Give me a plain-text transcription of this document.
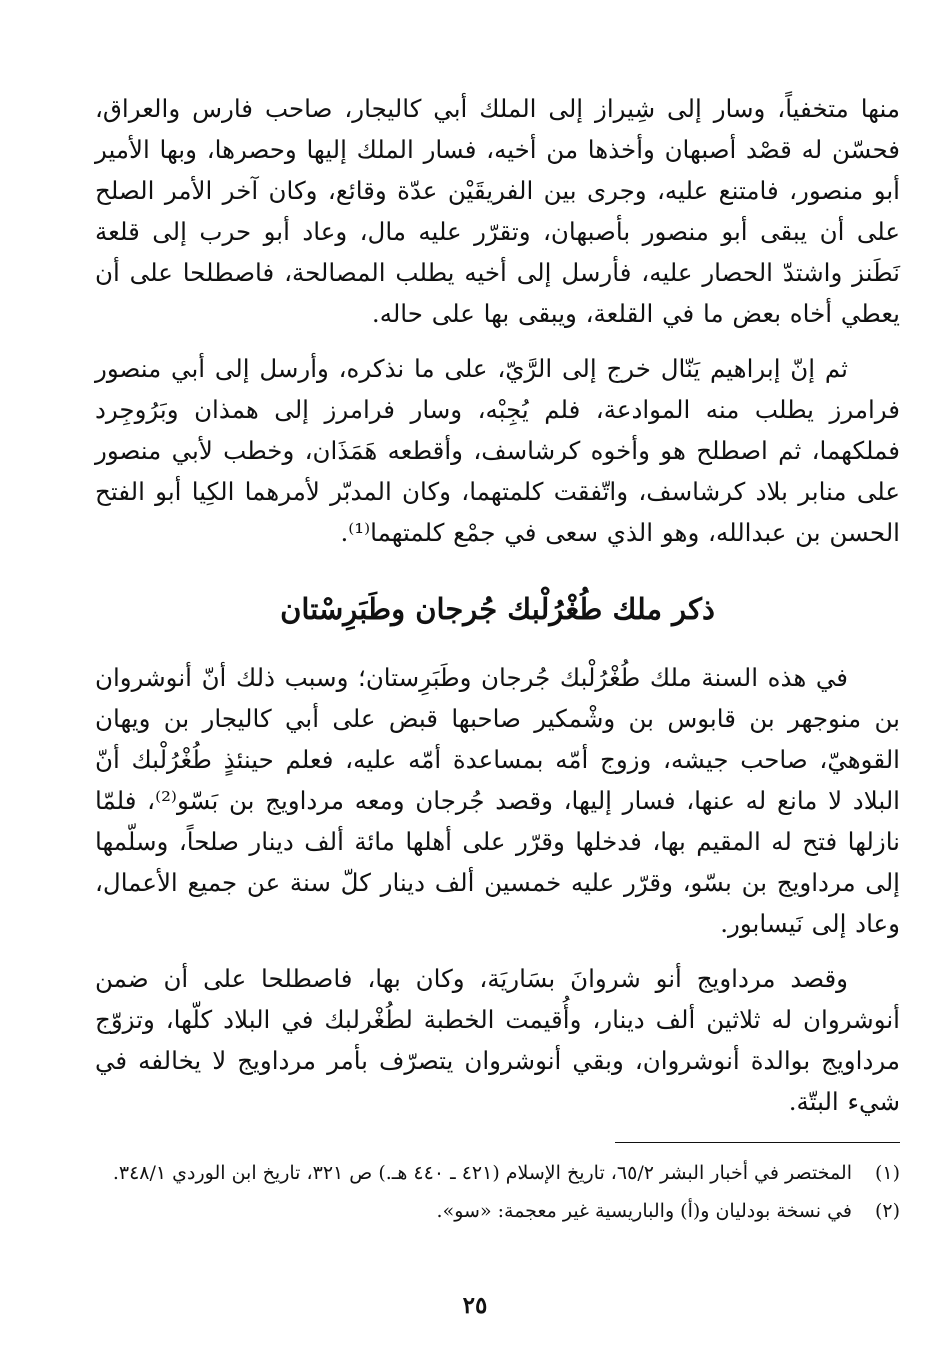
منها متخفياً، وسار إلى شِيراز إلى الملك أبي كاليجار، صاحب فارس والعراق، فحسّن له قصْد أصبهان وأخذها من أخيه، فسار الملك إليها وحصرها، وبها الأمير أبو منصور، فامتنع عليه، وجرى بين الفريقَيْن عدّة وقائع، وكان آخر الأمر الصلح على أن يبقى أبو منصور بأصبهان، وتقرّر عليه مال، وعاد أبو حرب إلى قلعة نَطَنز واشتدّ الحصار عليه، فأرسل إلى أخيه يطلب المصالحة، فاصطلحا على أن يعطي أخاه بعض ما في القلعة، ويبقى بها على حاله.

ثم إنّ إبراهيم يَنّال خرج إلى الرَّيّ، على ما نذكره، وأرسل إلى أبي منصور فرامرز يطلب منه الموادعة، فلم يُجِبْه، وسار فرامرز إلى همذان وبَرُوجِرد فملكهما، ثم اصطلح هو وأخوه كرشاسف، وأقطعه هَمَذَان، وخطب لأبي منصور على منابر بلاد كرشاسف، واتّفقت كلمتهما، وكان المدبّر لأمرهما الكِيا أبو الفتح الحسن بن عبدالله، وهو الذي سعى في جمْع كلمتهما⁽¹⁾.

ذكر ملك طُغْرُلْبك جُرجان وطَبَرِسْتان

في هذه السنة ملك طُغْرُلْبك جُرجان وطَبَرِستان؛ وسبب ذلك أنّ أنوشروان بن منوجهر بن قابوس بن وشْمكير صاحبها قبض على أبي كاليجار بن ويهان القوهيّ، صاحب جيشه، وزوج أمّه بمساعدة أمّه عليه، فعلم حينئذٍ طُغْرُلْبك أنّ البلاد لا مانع له عنها، فسار إليها، وقصد جُرجان ومعه مرداويج بن بَسّو⁽²⁾، فلمّا نازلها فتح له المقيم بها، فدخلها وقرّر على أهلها مائة ألف دينار صلحاً، وسلّمها إلى مرداويج بن بسّو، وقرّر عليه خمسين ألف دينار كلّ سنة عن جميع الأعمال، وعاد إلى نَيسابور.

وقصد مرداويج أنو شروانَ بسَاريَة، وكان بها، فاصطلحا على أن ضمن أنوشروان له ثلاثين ألف دينار، وأُقيمت الخطبة لطُغْرلبك في البلاد كلّها، وتزوّج مرداويج بوالدة أنوشروان، وبقي أنوشروان يتصرّف بأمر مرداويج لا يخالفه في شيء البتّة.

(١)
المختصر في أخبار البشر ٦٥/٢، تاريخ الإسلام (٤٢١ ـ ٤٤٠ هـ.) ص ٣٢١، تاريخ ابن الوردي ٣٤٨/١.
(٢)
في نسخة بودليان و(أ) والباريسية غير معجمة: «سو».
٢٥
